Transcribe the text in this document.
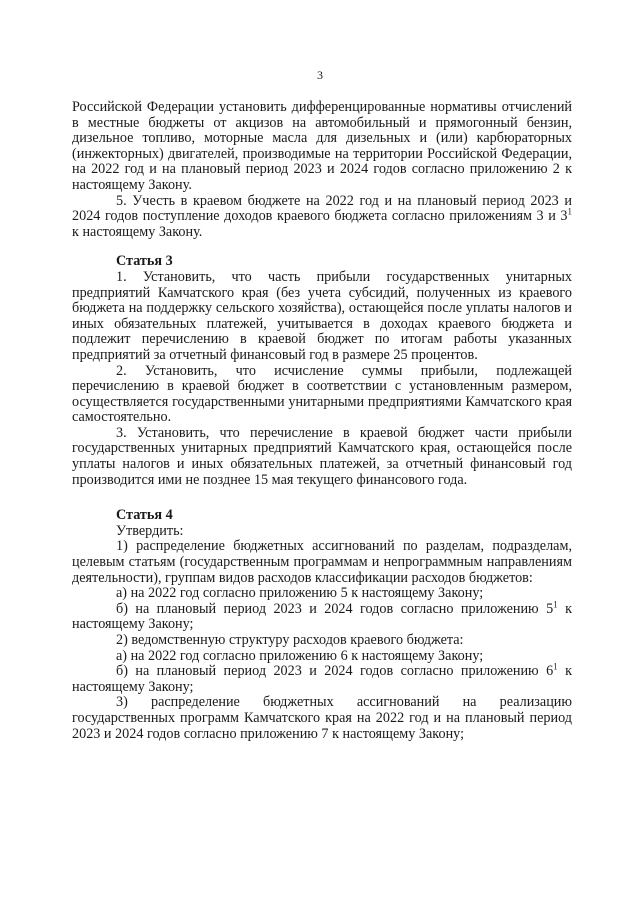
3

Российской Федерации установить дифференцированные нормативы отчислений в местные бюджеты от акцизов на автомобильный и прямогонный бензин, дизельное топливо, моторные масла для дизельных и (или) карбюраторных (инжекторных) двигателей, производимые на территории Российской Федерации, на 2022 год и на плановый период 2023 и 2024 годов согласно приложению 2 к настоящему Закону.

5. Учесть в краевом бюджете на 2022 год и на плановый период 2023 и 2024 годов поступление доходов краевого бюджета согласно приложениям 3 и $3^1$ к настоящему Закону.

Статья 3

1. Установить, что часть прибыли государственных унитарных предприятий Камчатского края (без учета субсидий, полученных из краевого бюджета на поддержку сельского хозяйства), остающейся после уплаты налогов и иных обязательных платежей, учитывается в доходах краевого бюджета и подлежит перечислению в краевой бюджет по итогам работы указанных предприятий за отчетный финансовый год в размере 25 процентов.

2. Установить, что исчисление суммы прибыли, подлежащей перечислению в краевой бюджет в соответствии с установленным размером, осуществляется государственными унитарными предприятиями Камчатского края самостоятельно.

3. Установить, что перечисление в краевой бюджет части прибыли государственных унитарных предприятий Камчатского края, остающейся после уплаты налогов и иных обязательных платежей, за отчетный финансовый год производится ими не позднее 15 мая текущего финансового года.

Статья 4

Утвердить:

1) распределение бюджетных ассигнований по разделам, подразделам, целевым статьям (государственным программам и непрограммным направлениям деятельности), группам видов расходов классификации расходов бюджетов:

а) на 2022 год согласно приложению 5 к настоящему Закону;

б) на плановый период 2023 и 2024 годов согласно приложению $5^1$ к настоящему Закону;

2) ведомственную структуру расходов краевого бюджета:

а) на 2022 год согласно приложению 6 к настоящему Закону;

б) на плановый период 2023 и 2024 годов согласно приложению $6^1$ к настоящему Закону;

3) распределение бюджетных ассигнований на реализацию государственных программ Камчатского края на 2022 год и на плановый период 2023 и 2024 годов согласно приложению 7 к настоящему Закону;
